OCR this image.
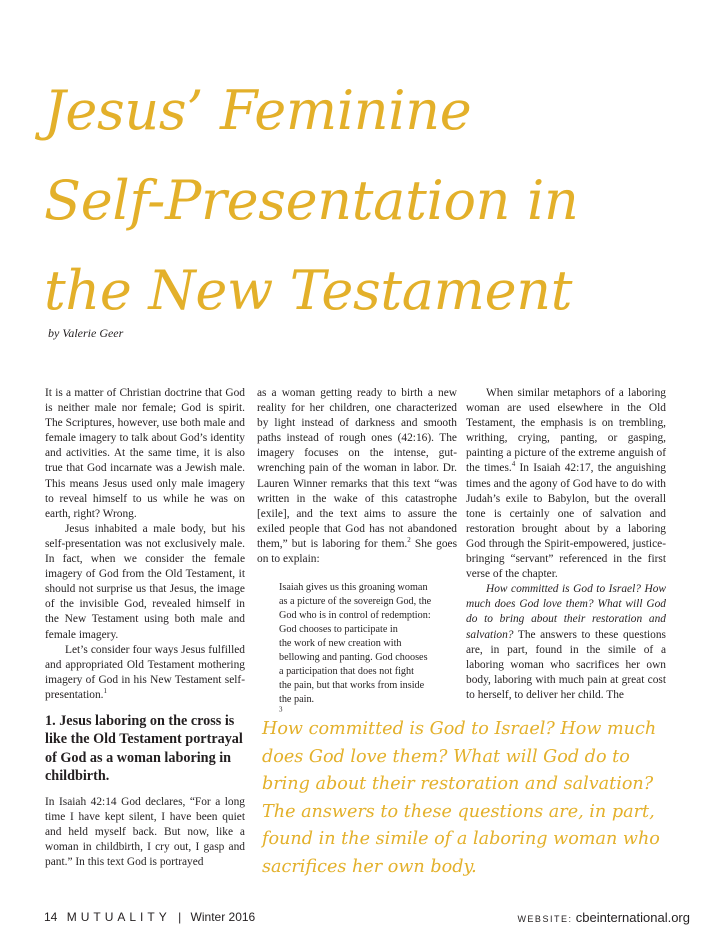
Jesus’ Feminine
Self-Presentation in
the New Testament
by Valerie Geer

It is a matter of Christian doctrine that God is neither male nor female; God is spirit. The Scriptures, however, use both male and female imagery to talk about God’s identity and activities. At the same time, it is also true that God incarnate was a Jewish male. This means Jesus used only male imagery to reveal himself to us while he was on earth, right? Wrong.

Jesus inhabited a male body, but his self-presentation was not exclusively male. In fact, when we consider the female imagery of God from the Old Testament, it should not surprise us that Jesus, the image of the invisible God, revealed himself in the New Testament using both male and female imagery.

Let’s consider four ways Jesus fulfilled and appropriated Old Testament mothering imagery of God in his New Testament self-presentation.$^1$

1. Jesus laboring on the cross is like the Old Testament portrayal of God as a woman laboring in childbirth.

In Isaiah 42:14 God declares, “For a long time I have kept silent, I have been quiet and held myself back. But now, like a woman in childbirth, I cry out, I gasp and pant.” In this text God is portrayed

as a woman getting ready to birth a new reality for her children, one characterized by light instead of darkness and smooth paths instead of rough ones (42:16). The imagery focuses on the intense, gut-wrenching pain of the woman in labor. Dr. Lauren Winner remarks that this text “was written in the wake of this catastrophe [exile], and the text aims to assure the exiled people that God has not abandoned them,” but is laboring for them.$^2$ She goes on to explain:

Isaiah gives us this groaning woman
as a picture of the sovereign God, the
God who is in control of redemption:
God chooses to participate in
the work of new creation with
bellowing and panting. God chooses
a participation that does not fight
the pain, but that works from inside
the pain.
$^3$

When similar metaphors of a laboring woman are used elsewhere in the Old Testament, the emphasis is on trembling, writhing, crying, panting, or gasping, painting a picture of the extreme anguish of the times.$^4$ In Isaiah 42:17, the anguishing times and the agony of God have to do with Judah’s exile to Babylon, but the overall tone is certainly one of salvation and restoration brought about by a laboring God through the Spirit-empowered, justice-bringing “servant” referenced in the first verse of the chapter.

How committed is God to Israel? How much does God love them? What will God do to bring about their restoration and salvation? The answers to these questions are, in part, found in the simile of a laboring woman who sacrifices her own body, laboring with much pain at great cost to herself, to deliver her child. The

How committed is God to Israel? How much does God love them? What will God do to bring about their restoration and salvation? The answers to these questions are, in part, found in the simile of a laboring woman who sacrifices her own body.
14 MUTUALITY | Winter 2016	WEBSITE: cbeinternational.org
